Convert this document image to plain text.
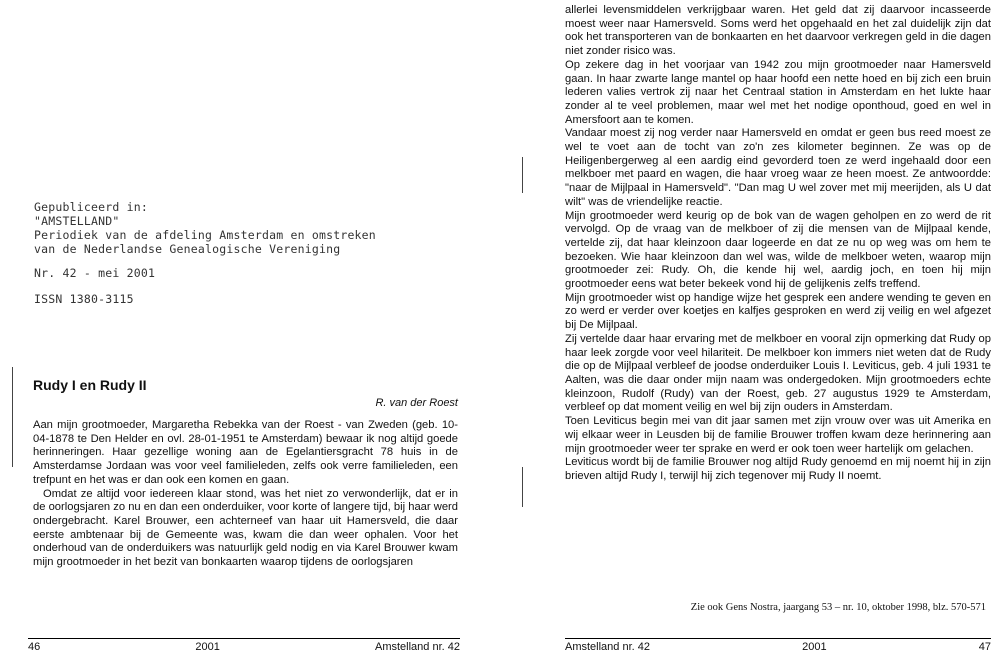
Gepubliceerd in:
"AMSTELLAND"
Periodiek van de afdeling Amsterdam en omstreken
van de Nederlandse Genealogische Vereniging
Nr. 42 - mei 2001
ISSN 1380-3115
Rudy I en Rudy II
R. van der Roest

Aan mijn grootmoeder, Margaretha Rebekka van der Roest - van Zweden (geb. 10-04-1878 te Den Helder en ovl. 28-01-1951 te Amsterdam) bewaar ik nog altijd goede herinneringen. Haar gezellige woning aan de Egelantiersgracht 78 huis in de Amsterdamse Jordaan was voor veel familieleden, zelfs ook verre familieleden, een trefpunt en het was er dan ook een komen en gaan.

Omdat ze altijd voor iedereen klaar stond, was het niet zo verwonderlijk, dat er in de oorlogsjaren zo nu en dan een onderduiker, voor korte of langere tijd, bij haar werd ondergebracht. Karel Brouwer, een achterneef van haar uit Hamersveld, die daar eerste ambtenaar bij de Gemeente was, kwam die dan weer ophalen. Voor het onderhoud van de onderduikers was natuurlijk geld nodig en via Karel Brouwer kwam mijn grootmoeder in het bezit van bonkaarten waarop tijdens de oorlogsjaren

46	2001	Amstelland nr. 42

allerlei levensmiddelen verkrijgbaar waren. Het geld dat zij daarvoor incasseerde moest weer naar Hamersveld. Soms werd het opgehaald en het zal duidelijk zijn dat ook het transporteren van de bonkaarten en het daarvoor verkregen geld in die dagen niet zonder risico was.

Op zekere dag in het voorjaar van 1942 zou mijn grootmoeder naar Hamersveld gaan. In haar zwarte lange mantel op haar hoofd een nette hoed en bij zich een bruin lederen valies vertrok zij naar het Centraal station in Amsterdam en het lukte haar zonder al te veel problemen, maar wel met het nodige oponthoud, goed en wel in Amersfoort aan te komen.

Vandaar moest zij nog verder naar Hamersveld en omdat er geen bus reed moest ze wel te voet aan de tocht van zo'n zes kilometer beginnen. Ze was op de Heiligenbergerweg al een aardig eind gevorderd toen ze werd ingehaald door een melkboer met paard en wagen, die haar vroeg waar ze heen moest. Ze antwoordde: "naar de Mijlpaal in Hamersveld". "Dan mag U wel zover met mij meerijden, als U dat wilt" was de vriendelijke reactie.

Mijn grootmoeder werd keurig op de bok van de wagen geholpen en zo werd de rit vervolgd. Op de vraag van de melkboer of zij die mensen van de Mijlpaal kende, vertelde zij, dat haar kleinzoon daar logeerde en dat ze nu op weg was om hem te bezoeken. Wie haar kleinzoon dan wel was, wilde de melkboer weten, waarop mijn grootmoeder zei: Rudy. Oh, die kende hij wel, aardig joch, en toen hij mijn grootmoeder eens wat beter bekeek vond hij de gelijkenis zelfs treffend.

Mijn grootmoeder wist op handige wijze het gesprek een andere wending te geven en zo werd er verder over koetjes en kalfjes gesproken en werd zij veilig en wel afgezet bij De Mijlpaal.

Zij vertelde daar haar ervaring met de melkboer en vooral zijn opmerking dat Rudy op haar leek zorgde voor veel hilariteit. De melkboer kon immers niet weten dat de Rudy die op de Mijlpaal verbleef de joodse onderduiker Louis I. Leviticus, geb. 4 juli 1931 te Aalten, was die daar onder mijn naam was ondergedoken. Mijn grootmoeders echte kleinzoon, Rudolf (Rudy) van der Roest, geb. 27 augustus 1929 te Amsterdam, verbleef op dat moment veilig en wel bij zijn ouders in Amsterdam.

Toen Leviticus begin mei van dit jaar samen met zijn vrouw over was uit Amerika en wij elkaar weer in Leusden bij de familie Brouwer troffen kwam deze herinnering aan mijn grootmoeder weer ter sprake en werd er ook toen weer hartelijk om gelachen.

Leviticus wordt bij de familie Brouwer nog altijd Rudy genoemd en mij noemt hij in zijn brieven altijd Rudy I, terwijl hij zich tegenover mij Rudy II noemt.

Zie ook Gens Nostra, jaargang 53 – nr. 10, oktober 1998, blz. 570-571
Amstelland nr. 42	2001	47
